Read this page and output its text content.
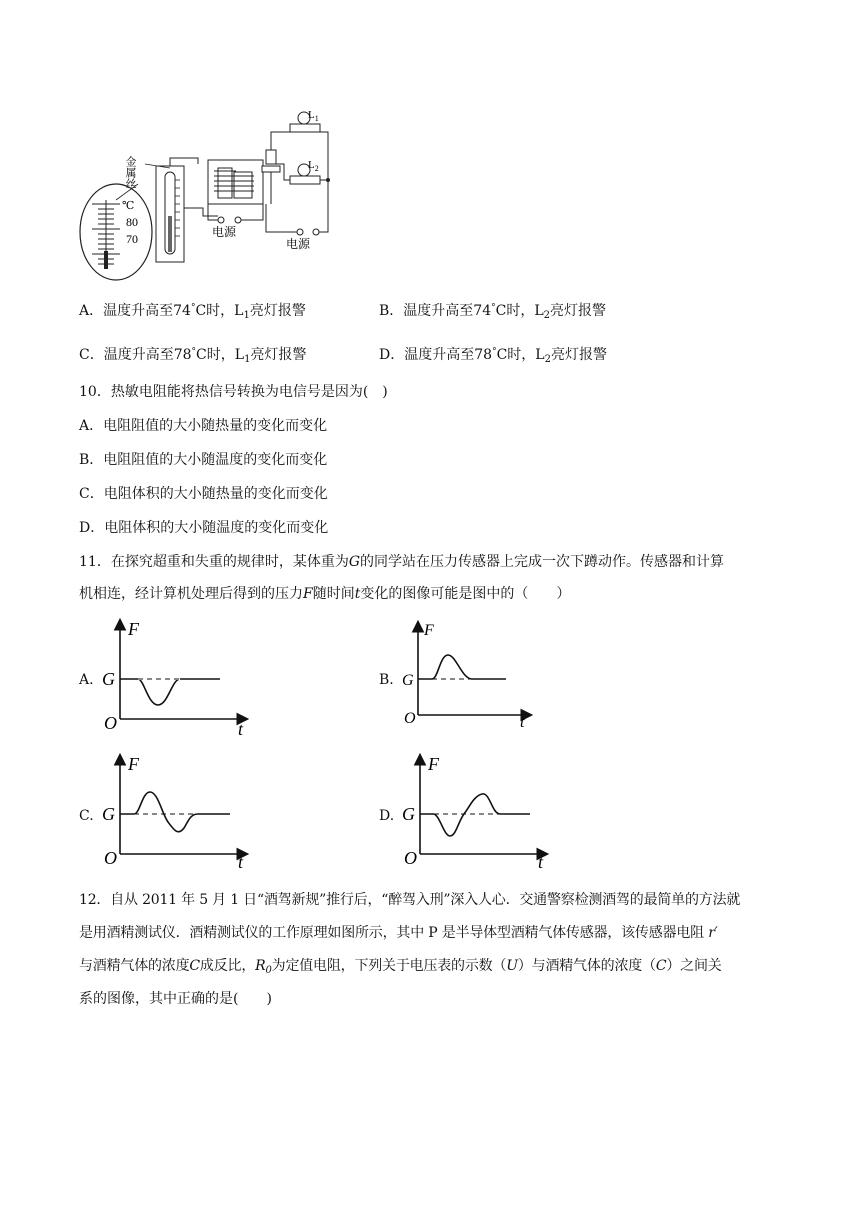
℃
80
70
金属丝
电源
$L_1$
$L_2$
电源
A．温度升高至74°C时，$L_1$亮灯报警	B．温度升高至74°C时，$L_2$亮灯报警
C．温度升高至78°C时，$L_1$亮灯报警	D．温度升高至78°C时，$L_2$亮灯报警
10．热敏电阻能将热信号转换为电信号是因为(　)
A．电阻阻值的大小随热量的变化而变化
B．电阻阻值的大小随温度的变化而变化
C．电阻体积的大小随热量的变化而变化
D．电阻体积的大小随温度的变化而变化
11．在探究超重和失重的规律时，某体重为G的同学站在压力传感器上完成一次下蹲动作。传感器和计算
机相连，经计算机处理后得到的压力F随时间t变化的图像可能是图中的（　　）
A.
F
t
O
G	B.
F
t
O
G
C.
F
t
O
G	D.
F
t
O
G
12．自从 2011 年 5 月 1 日“酒驾新规”推行后，“醉驾入刑”深入人心．交通警察检测酒驾的最简单的方法就
是用酒精测试仪．酒精测试仪的工作原理如图所示，其中 P 是半导体型酒精气体传感器，该传感器电阻 r′
与酒精气体的浓度C成反比，$R_0$为定值电阻，下列关于电压表的示数（U）与酒精气体的浓度（C）之间关
系的图像，其中正确的是(　　)
